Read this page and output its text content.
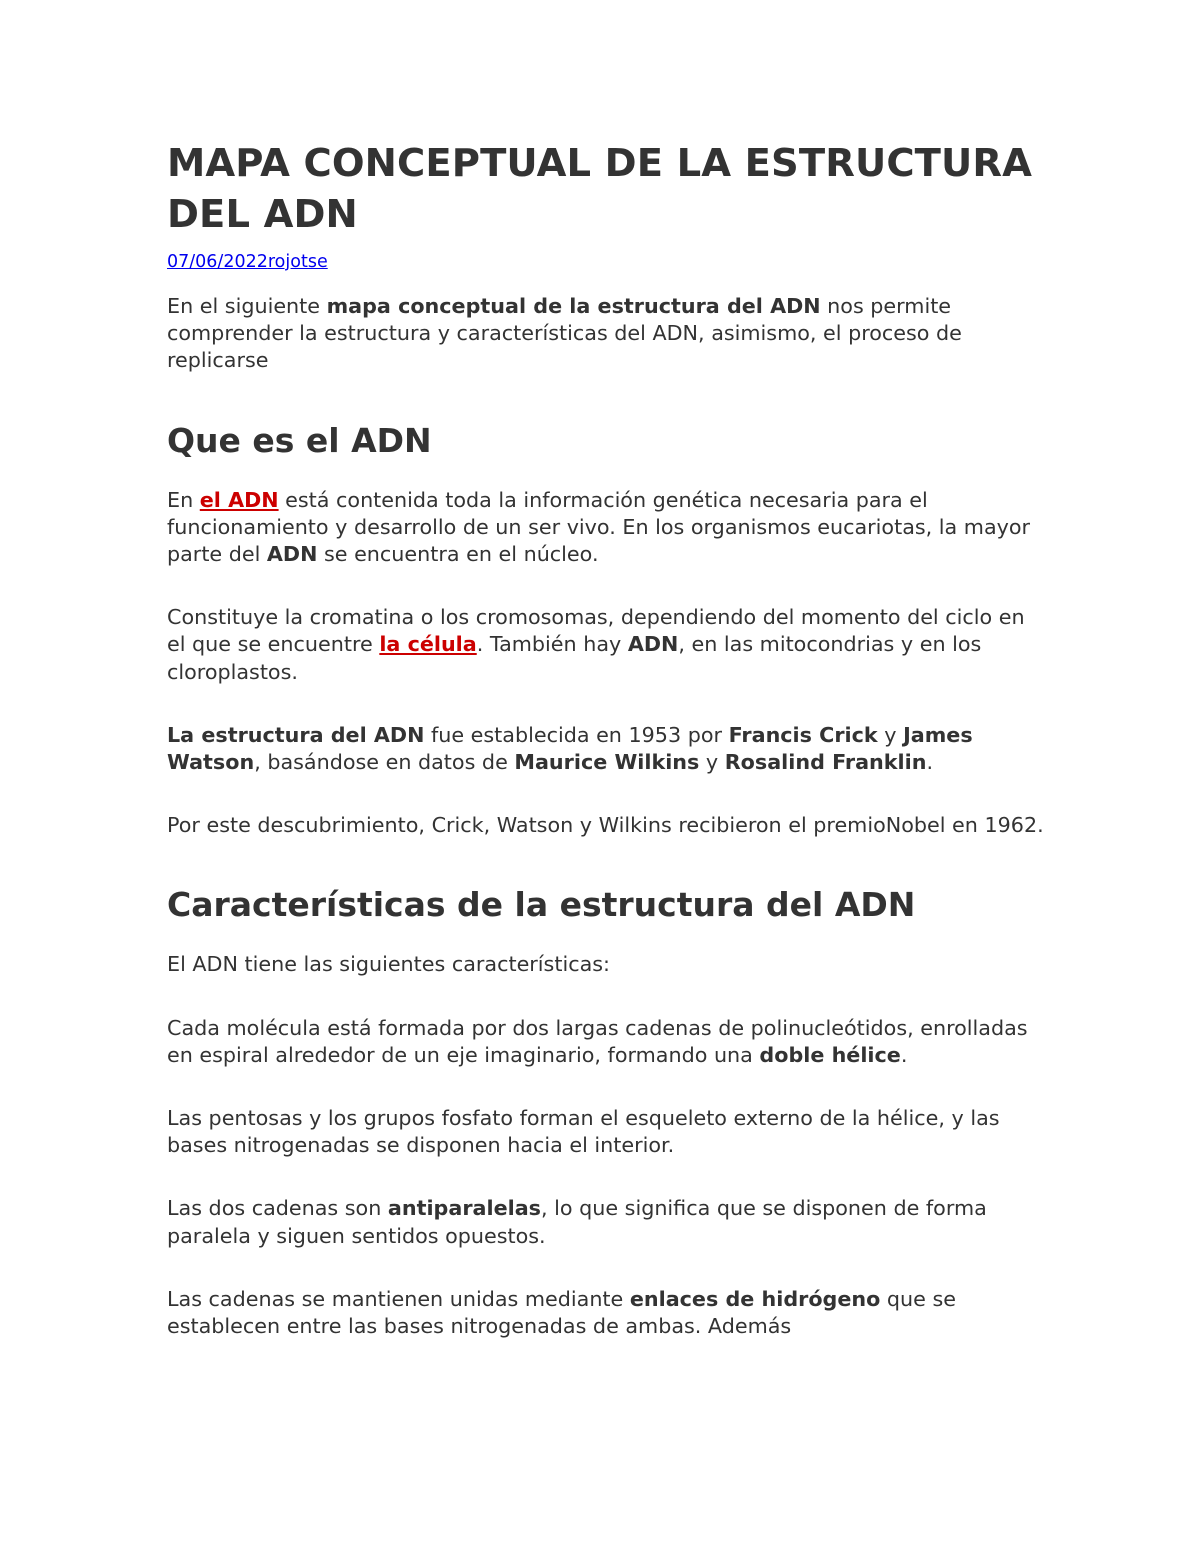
MAPA CONCEPTUAL DE LA ESTRUCTURA DEL ADN
07/06/2022rojotse

En el siguiente mapa conceptual de la estructura del ADN nos permite comprender la estructura y características del ADN, asimismo, el proceso de replicarse

Que es el ADN

En el ADN está contenida toda la información genética necesaria para el funcionamiento y desarrollo de un ser vivo. En los organismos eucariotas, la mayor parte del ADN se encuentra en el núcleo.

Constituye la cromatina o los cromosomas, dependiendo del momento del ciclo en el que se encuentre la célula. También hay ADN, en las mitocondrias y en los cloroplastos.

La estructura del ADN fue establecida en 1953 por Francis Crick y James Watson, basándose en datos de Maurice Wilkins y Rosalind Franklin.

Por este descubrimiento, Crick, Watson y Wilkins recibieron el premioNobel en 1962.

Características de la estructura del ADN

El ADN tiene las siguientes características:

Cada molécula está formada por dos largas cadenas de polinucleótidos, enrolladas en espiral alrededor de un eje imaginario, formando una doble hélice.

Las pentosas y los grupos fosfato forman el esqueleto externo de la hélice, y las bases nitrogenadas se disponen hacia el interior.

Las dos cadenas son antiparalelas, lo que significa que se disponen de forma paralela y siguen sentidos opuestos.

Las cadenas se mantienen unidas mediante enlaces de hidrógeno que se establecen entre las bases nitrogenadas de ambas. Además
